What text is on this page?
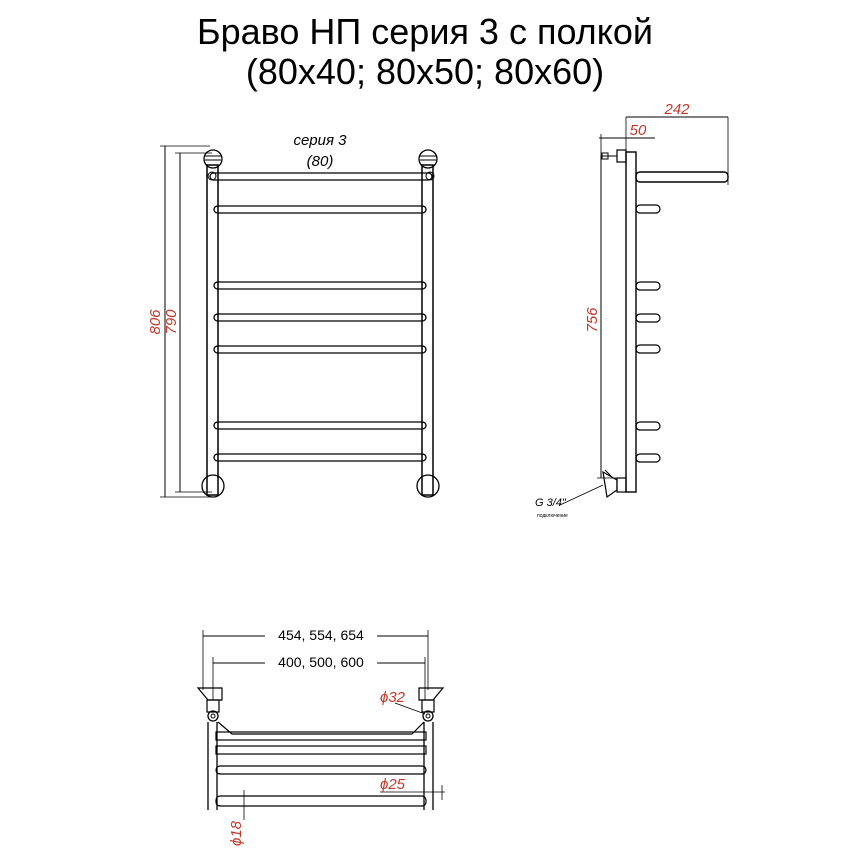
Браво НП серия 3 с полкой
(80х40; 80х50; 80х60)
серия 3
(80)
806 790
242
50
756
G 3/4"
подключение
454, 554, 654
400, 500, 600
ϕ32
ϕ25
ϕ18
